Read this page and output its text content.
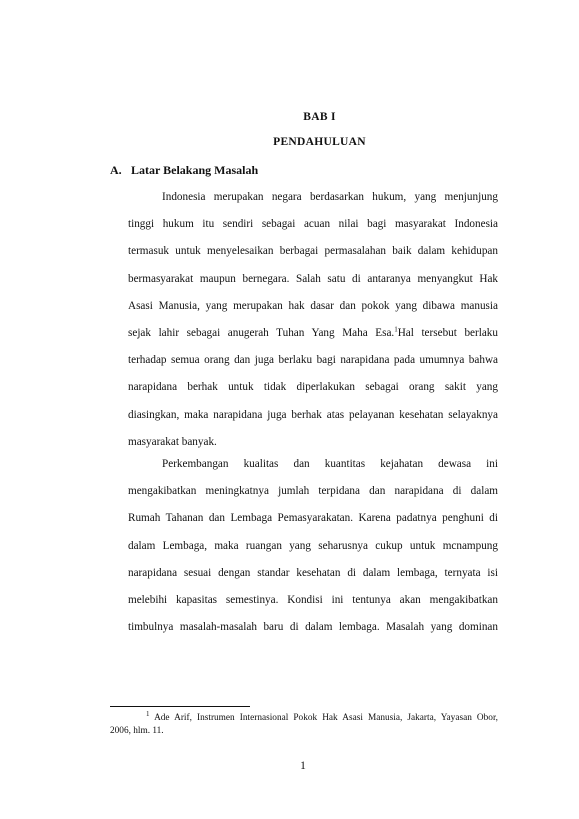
BAB I
PENDAHULUAN
A. Latar Belakang Masalah
Indonesia merupakan negara berdasarkan hukum, yang menjunjung
tinggi hukum itu sendiri sebagai acuan nilai bagi masyarakat Indonesia
termasuk untuk menyelesaikan berbagai permasalahan baik dalam kehidupan
bermasyarakat maupun bernegara. Salah satu di antaranya menyangkut Hak
Asasi Manusia, yang merupakan hak dasar dan pokok yang dibawa manusia
sejak lahir sebagai anugerah Tuhan Yang Maha Esa.$^1$Hal tersebut berlaku
terhadap semua orang dan juga berlaku bagi narapidana pada umumnya bahwa
narapidana berhak untuk tidak diperlakukan sebagai orang sakit yang
diasingkan, maka narapidana juga berhak atas pelayanan kesehatan selayaknya
masyarakat banyak.
Perkembangan kualitas dan kuantitas kejahatan dewasa ini
mengakibatkan meningkatnya jumlah terpidana dan narapidana di dalam
Rumah Tahanan dan Lembaga Pemasyarakatan. Karena padatnya penghuni di
dalam Lembaga, maka ruangan yang seharusnya cukup untuk mcnampung
narapidana sesuai dengan standar kesehatan di dalam lembaga, ternyata isi
melebihi kapasitas semestinya. Kondisi ini tentunya akan mengakibatkan
timbulnya masalah-masalah baru di dalam lembaga. Masalah yang dominan
$^1$ Ade Arif, Instrumen Internasional Pokok Hak Asasi Manusia, Jakarta, Yayasan Obor,
2006, hlm. 11.
1
